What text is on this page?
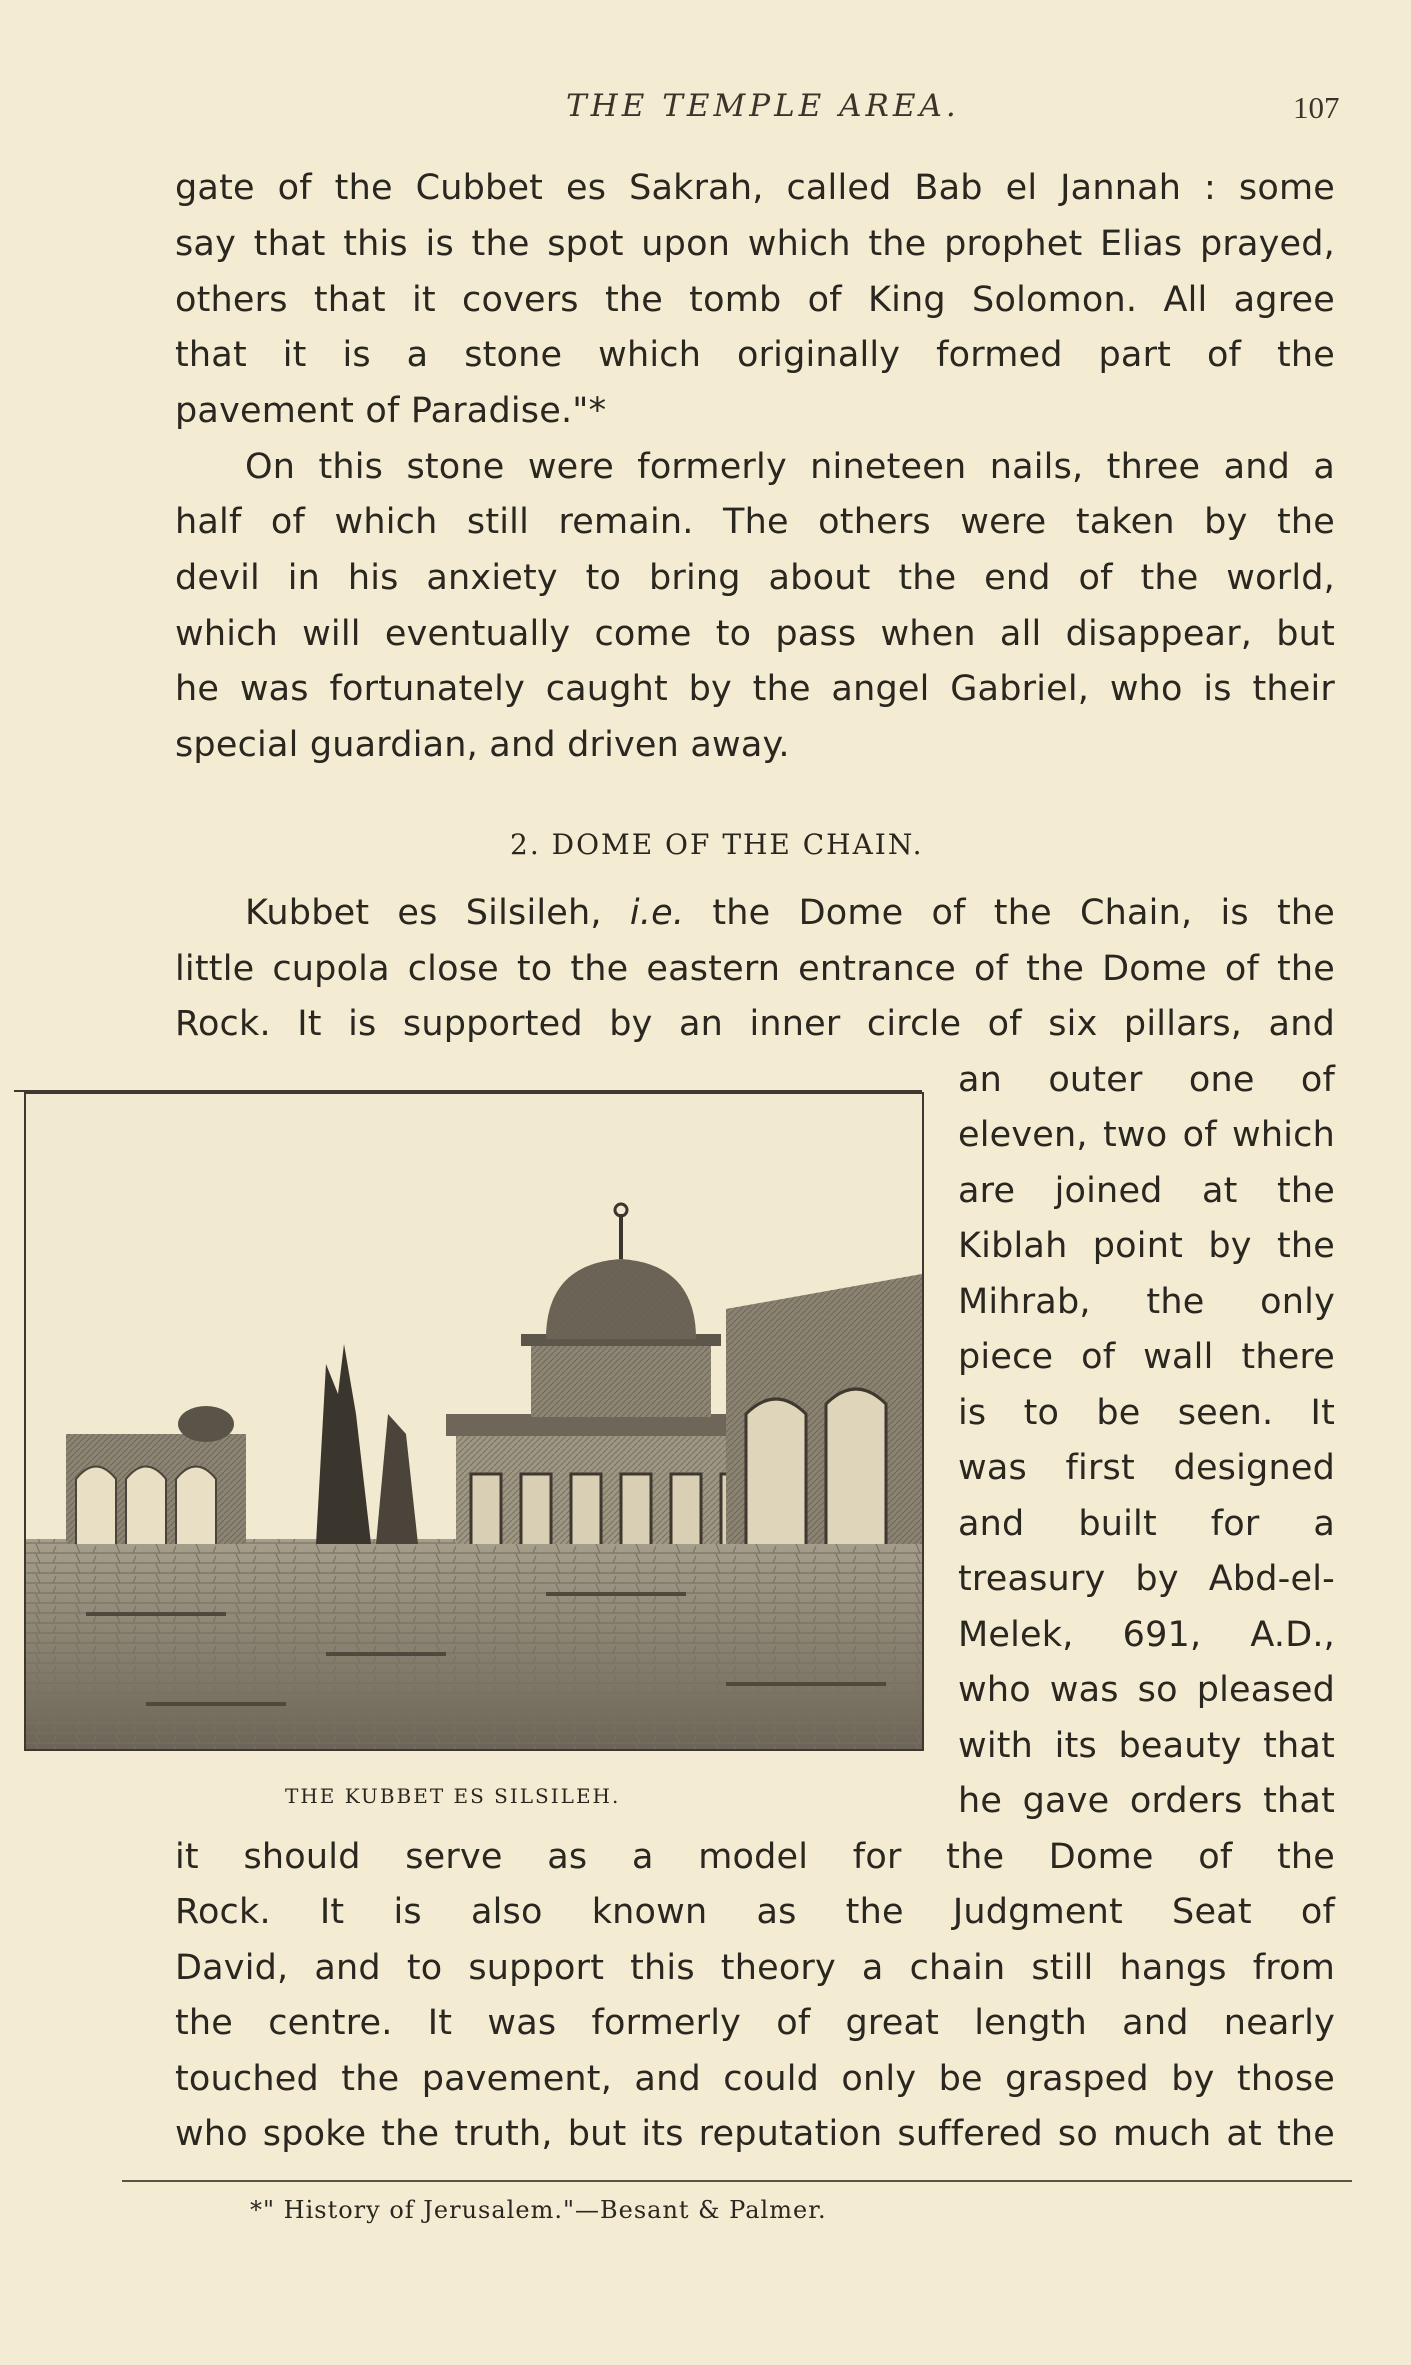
THE TEMPLE AREA.	107
gate of the Cubbet es Sakrah, called Bab el Jannah : some
say that this is the spot upon which the prophet Elias prayed,
others that it covers the tomb of King Solomon. All agree
that it is a stone which originally formed part of the
pavement of Paradise."*
On this stone were formerly nineteen nails, three and a
half of which still remain. The others were taken by the
devil in his anxiety to bring about the end of the world,
which will eventually come to pass when all disappear, but
he was fortunately caught by the angel Gabriel, who is their
special guardian, and driven away.
2. DOME OF THE CHAIN.
Kubbet es Silsileh, i.e. the Dome of the Chain, is the
little cupola close to the eastern entrance of the Dome of the
Rock. It is supported by an inner circle of six pillars, and
an outer one of
eleven, two of which
are joined at the
Kiblah point by the
Mihrab, the only
piece of wall there
is to be seen. It
was first designed
and built for a
treasury by Abd-el-
Melek, 691, A.D.,
who was so pleased
with its beauty that
he gave orders that
it should serve as a model for the Dome of the
Rock. It is also known as the Judgment Seat of
David, and to support this theory a chain still hangs from
the centre. It was formerly of great length and nearly
touched the pavement, and could only be grasped by those
who spoke the truth, but its reputation suffered so much at the
THE KUBBET ES SILSILEH.
*" History of Jerusalem."—Besant & Palmer.
